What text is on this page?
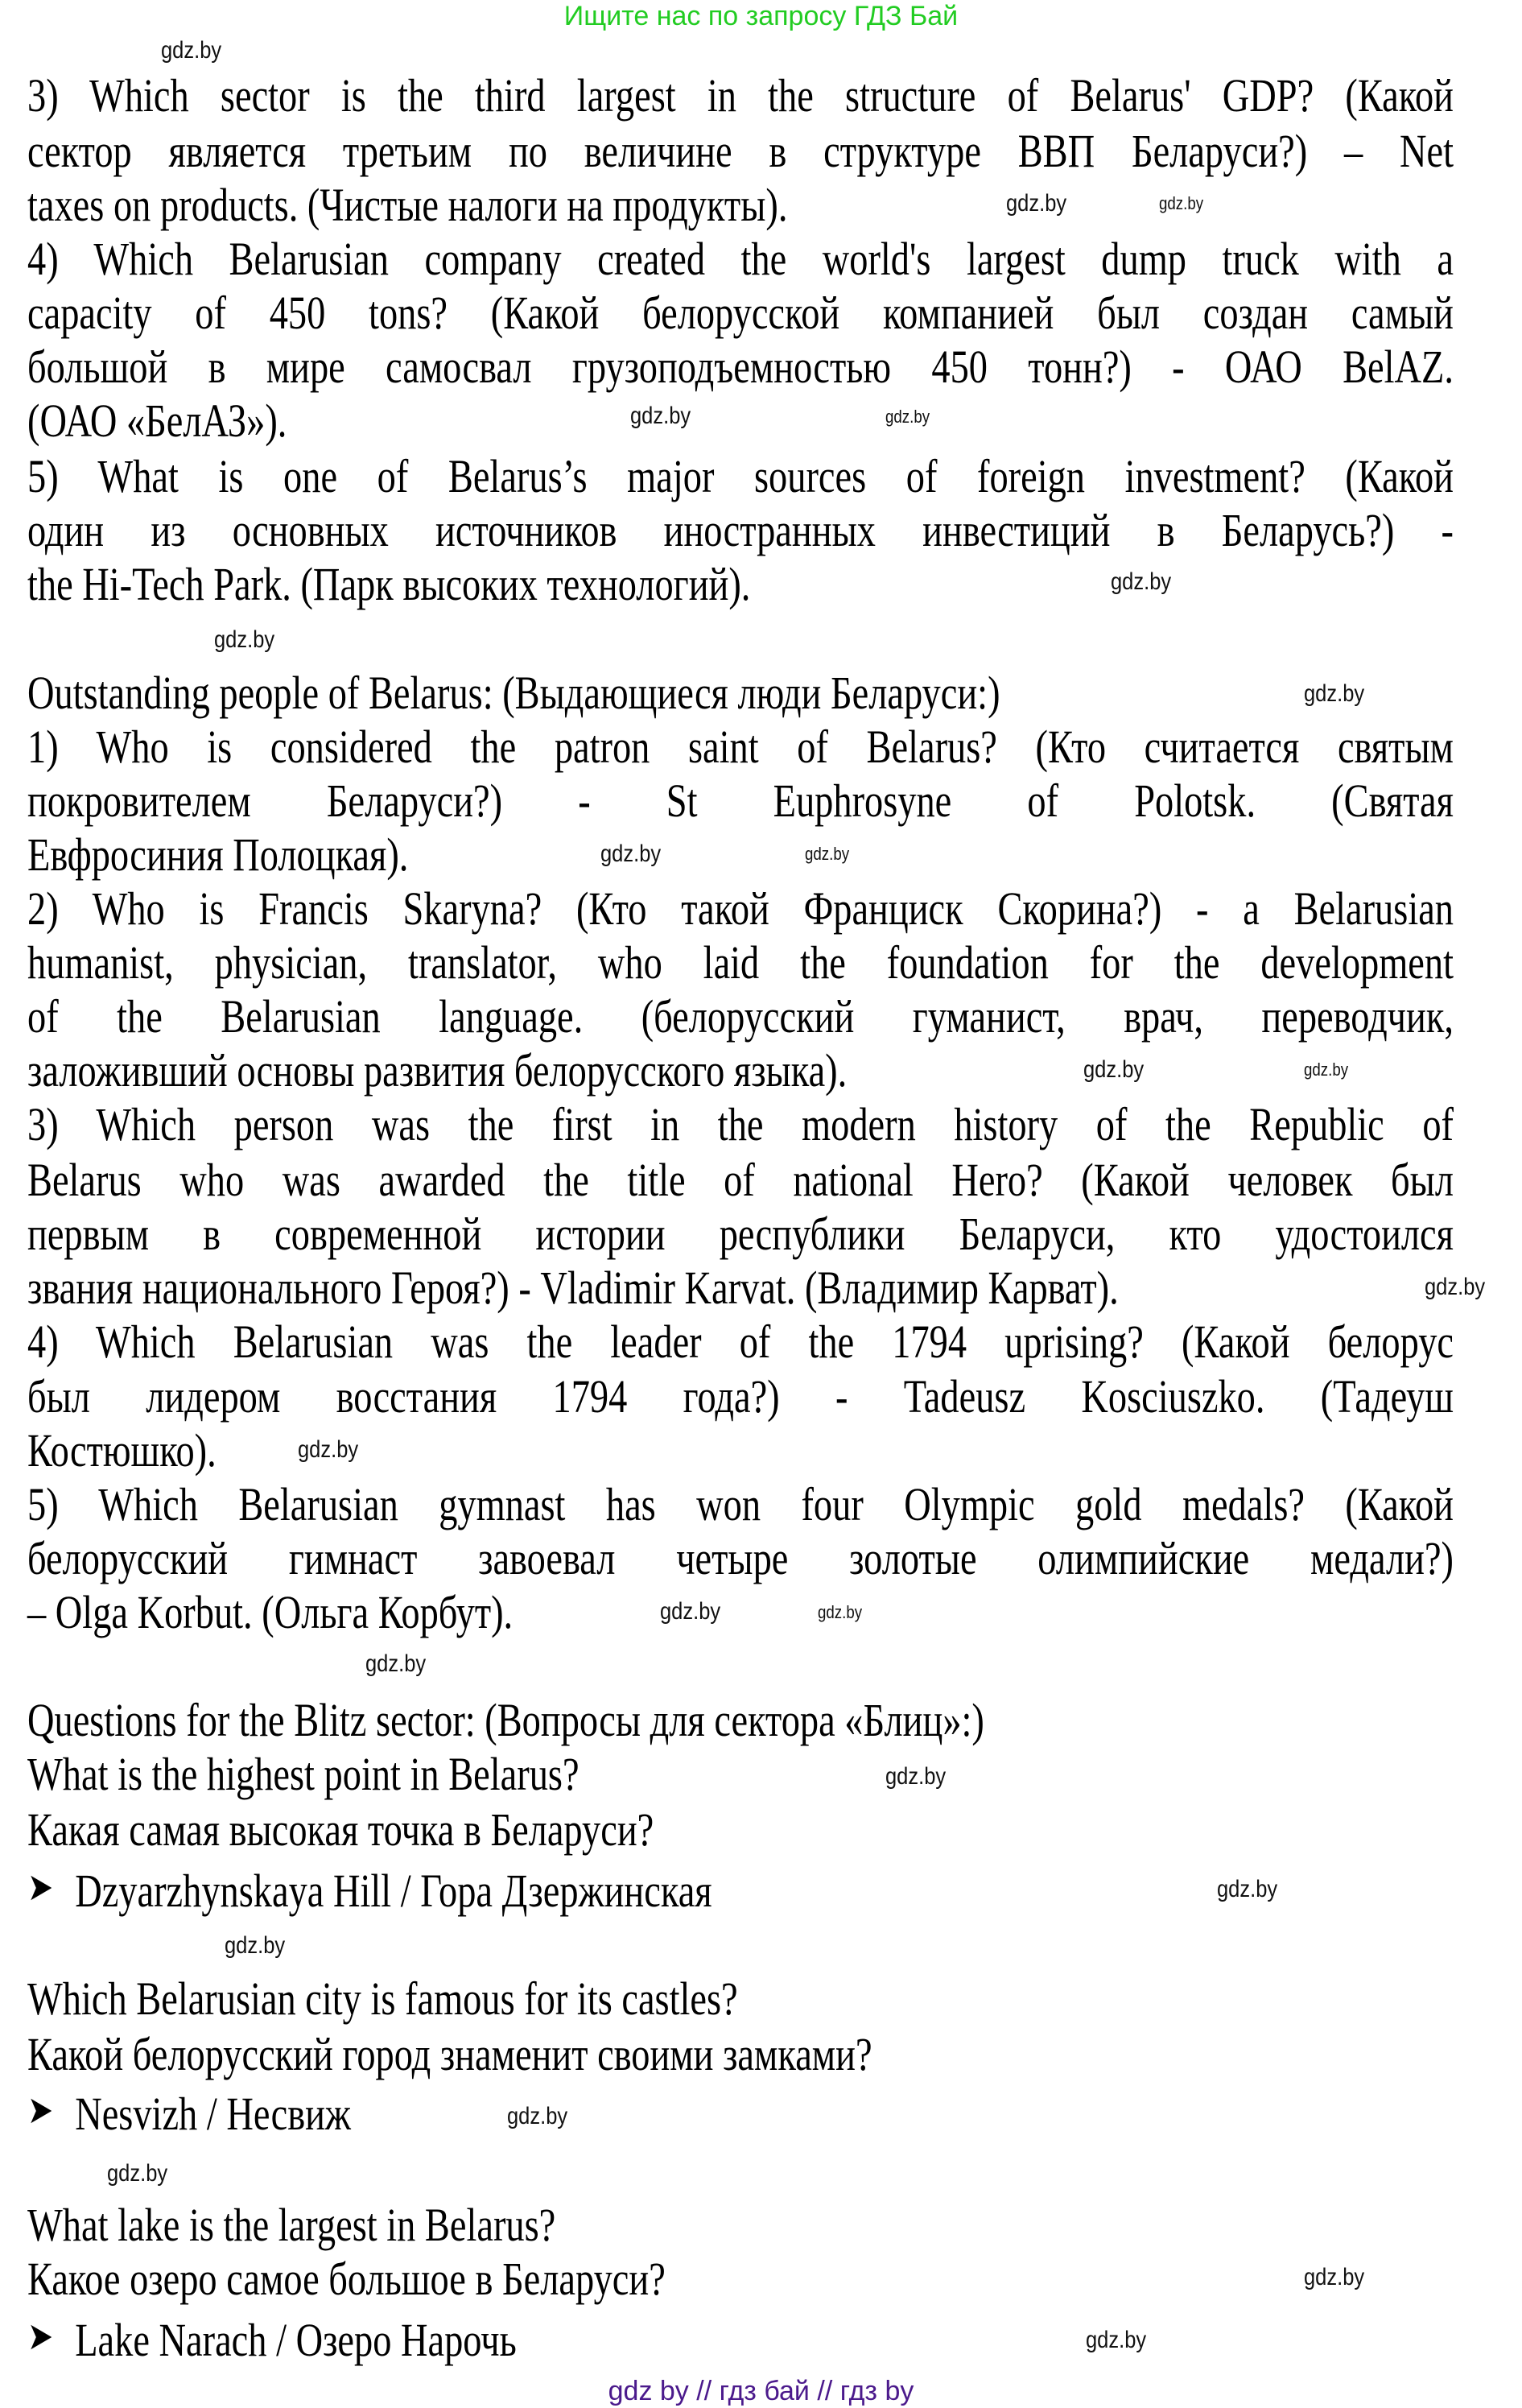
Ищите нас по запросу ГДЗ Бай
3) Which sector is the third largest in the structure of Belarus' GDP? (Какой
сектор является третьим по величине в структуре ВВП Беларуси?) – Net
taxes on products. (Чистые налоги на продукты).
4) Which Belarusian company created the world's largest dump truck with a
capacity of 450 tons? (Какой белорусской компанией был создан самый
большой в мире самосвал грузоподъемностью 450 тонн?) - ОАО BelAZ.
(ОАО «БелАЗ»).
5) What is one of Belarus’s major sources of foreign investment? (Какой
один из основных источников иностранных инвестиций в Беларусь?) -
the Hi-Tech Park. (Парк высоких технологий).
Outstanding people of Belarus: (Выдающиеся люди Беларуси:)
1) Who is considered the patron saint of Belarus? (Кто считается святым
покровителем Беларуси?) - St Euphrosyne of Polotsk. (Святая
Евфросиния Полоцкая).
2) Who is Francis Skaryna? (Кто такой Франциск Скорина?) - a Belarusian
humanist, physician, translator, who laid the foundation for the development
of the Belarusian language. (белорусский гуманист, врач, переводчик,
заложивший основы развития белорусского языка).
3) Which person was the first in the modern history of the Republic of
Belarus who was awarded the title of national Hero? (Какой человек был
первым в современной истории республики Беларуси, кто удостоился
звания национального Героя?) - Vladimir Karvat. (Владимир Карват).
4) Which Belarusian was the leader of the 1794 uprising? (Какой белорус
был лидером восстания 1794 года?) - Tadeusz Kosciuszko. (Тадеуш
Костюшко).
5) Which Belarusian gymnast has won four Olympic gold medals? (Какой
белорусский гимнаст завоевал четыре золотые олимпийские медали?)
– Olga Korbut. (Ольга Корбут).
Questions for the Blitz sector: (Вопросы для сектора «Блиц»:)
What is the highest point in Belarus?
Какая самая высокая точка в Беларуси?
➤ Dzyarzhynskaya Hill / Гора Дзержинская
Which Belarusian city is famous for its castles?
Какой белорусский город знаменит своими замками?
➤ Nesvizh / Несвиж
What lake is the largest in Belarus?
Какое озеро самое большое в Беларуси?
➤ Lake Narach / Озеро Нарочь
gdz.by
gdz.by
gdz.by
gdz.by
gdz.by
gdz.by
gdz.by
gdz.by
gdz.by
gdz.by
gdz.by
gdz.by
gdz.by
gdz.by
gdz.by
gdz.by
gdz.by
gdz.by
gdz.by
gdz.by
gdz.by
gdz.by
gdz.by
gdz.by
gdz by // гдз бай // гдз by
